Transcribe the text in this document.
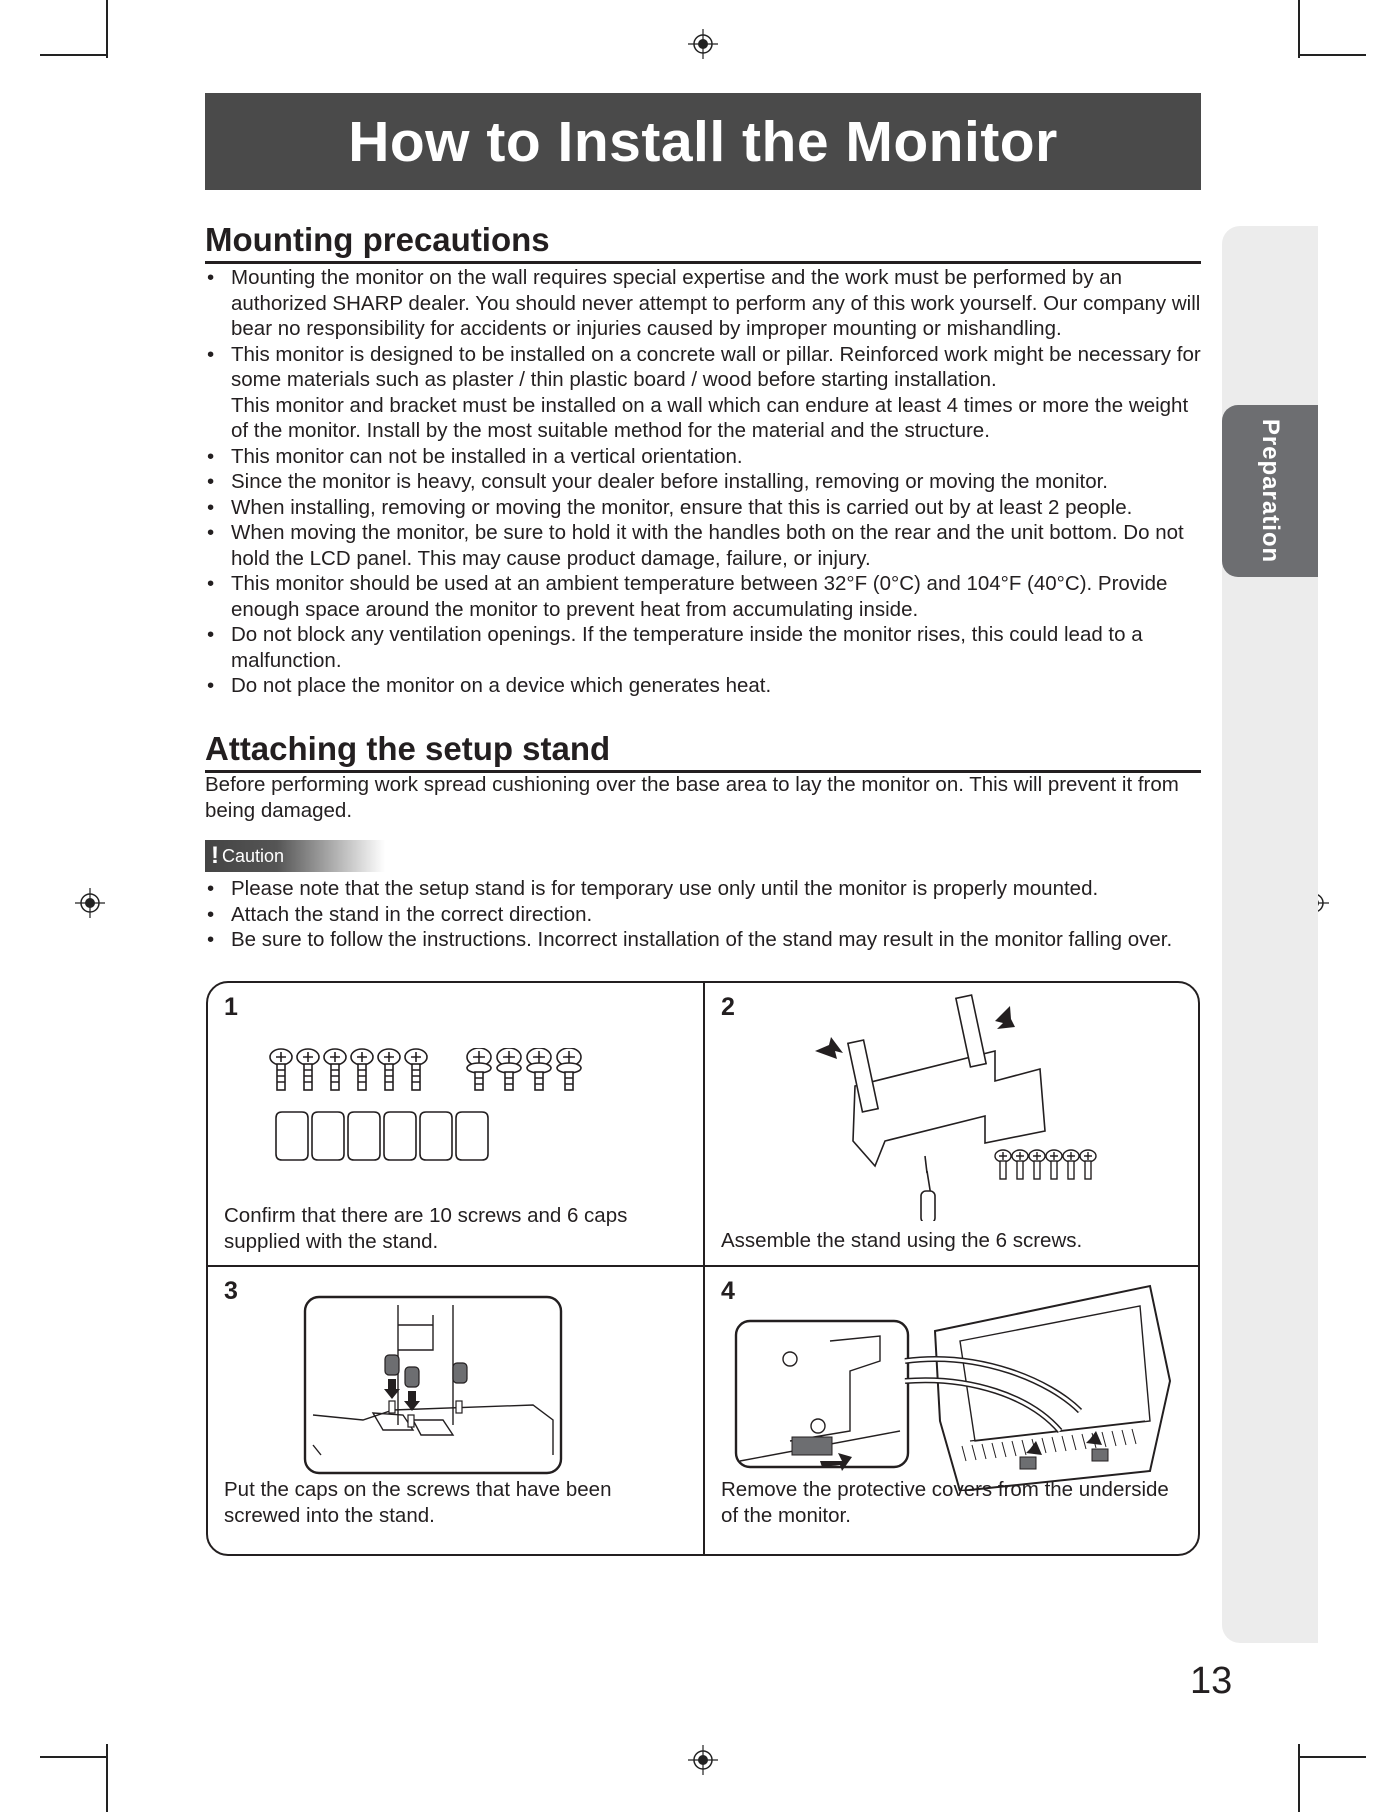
Preparation
How to Install the Monitor
Mounting precautions
• Mounting the monitor on the wall requires special expertise and the work must be performed by an authorized SHARP dealer. You should never attempt to perform any of this work yourself. Our company will bear no responsibility for accidents or injuries caused by improper mounting or mishandling.
• This monitor is designed to be installed on a concrete wall or pillar. Reinforced work might be necessary for some materials such as plaster / thin plastic board / wood before starting installation.
This monitor and bracket must be installed on a wall which can endure at least 4 times or more the weight of the monitor. Install by the most suitable method for the material and the structure.
• This monitor can not be installed in a vertical orientation.
• Since the monitor is heavy, consult your dealer before installing, removing or moving the monitor.
• When installing, removing or moving the monitor, ensure that this is carried out by at least 2 people.
• When moving the monitor, be sure to hold it with the handles both on the rear and the unit bottom. Do not hold the LCD panel. This may cause product damage, failure, or injury.
• This monitor should be used at an ambient temperature between 32°F (0°C) and 104°F (40°C). Provide enough space around the monitor to prevent heat from accumulating inside.
• Do not block any ventilation openings. If the temperature inside the monitor rises, this could lead to a malfunction.
• Do not place the monitor on a device which generates heat.
Attaching the setup stand

Before performing work spread cushioning over the base area to lay the monitor on. This will prevent it from being damaged.

! Caution
• Please note that the setup stand is for temporary use only until the monitor is properly mounted.
• Attach the stand in the correct direction.
• Be sure to follow the instructions. Incorrect installation of the stand may result in the monitor falling over.
1
Confirm that there are 10 screws and 6 caps supplied with the stand.
2
Assemble the stand using the 6 screws.
3
Put the caps on the screws that have been screwed into the stand.
4
Remove the protective covers from the underside of the monitor.
13
